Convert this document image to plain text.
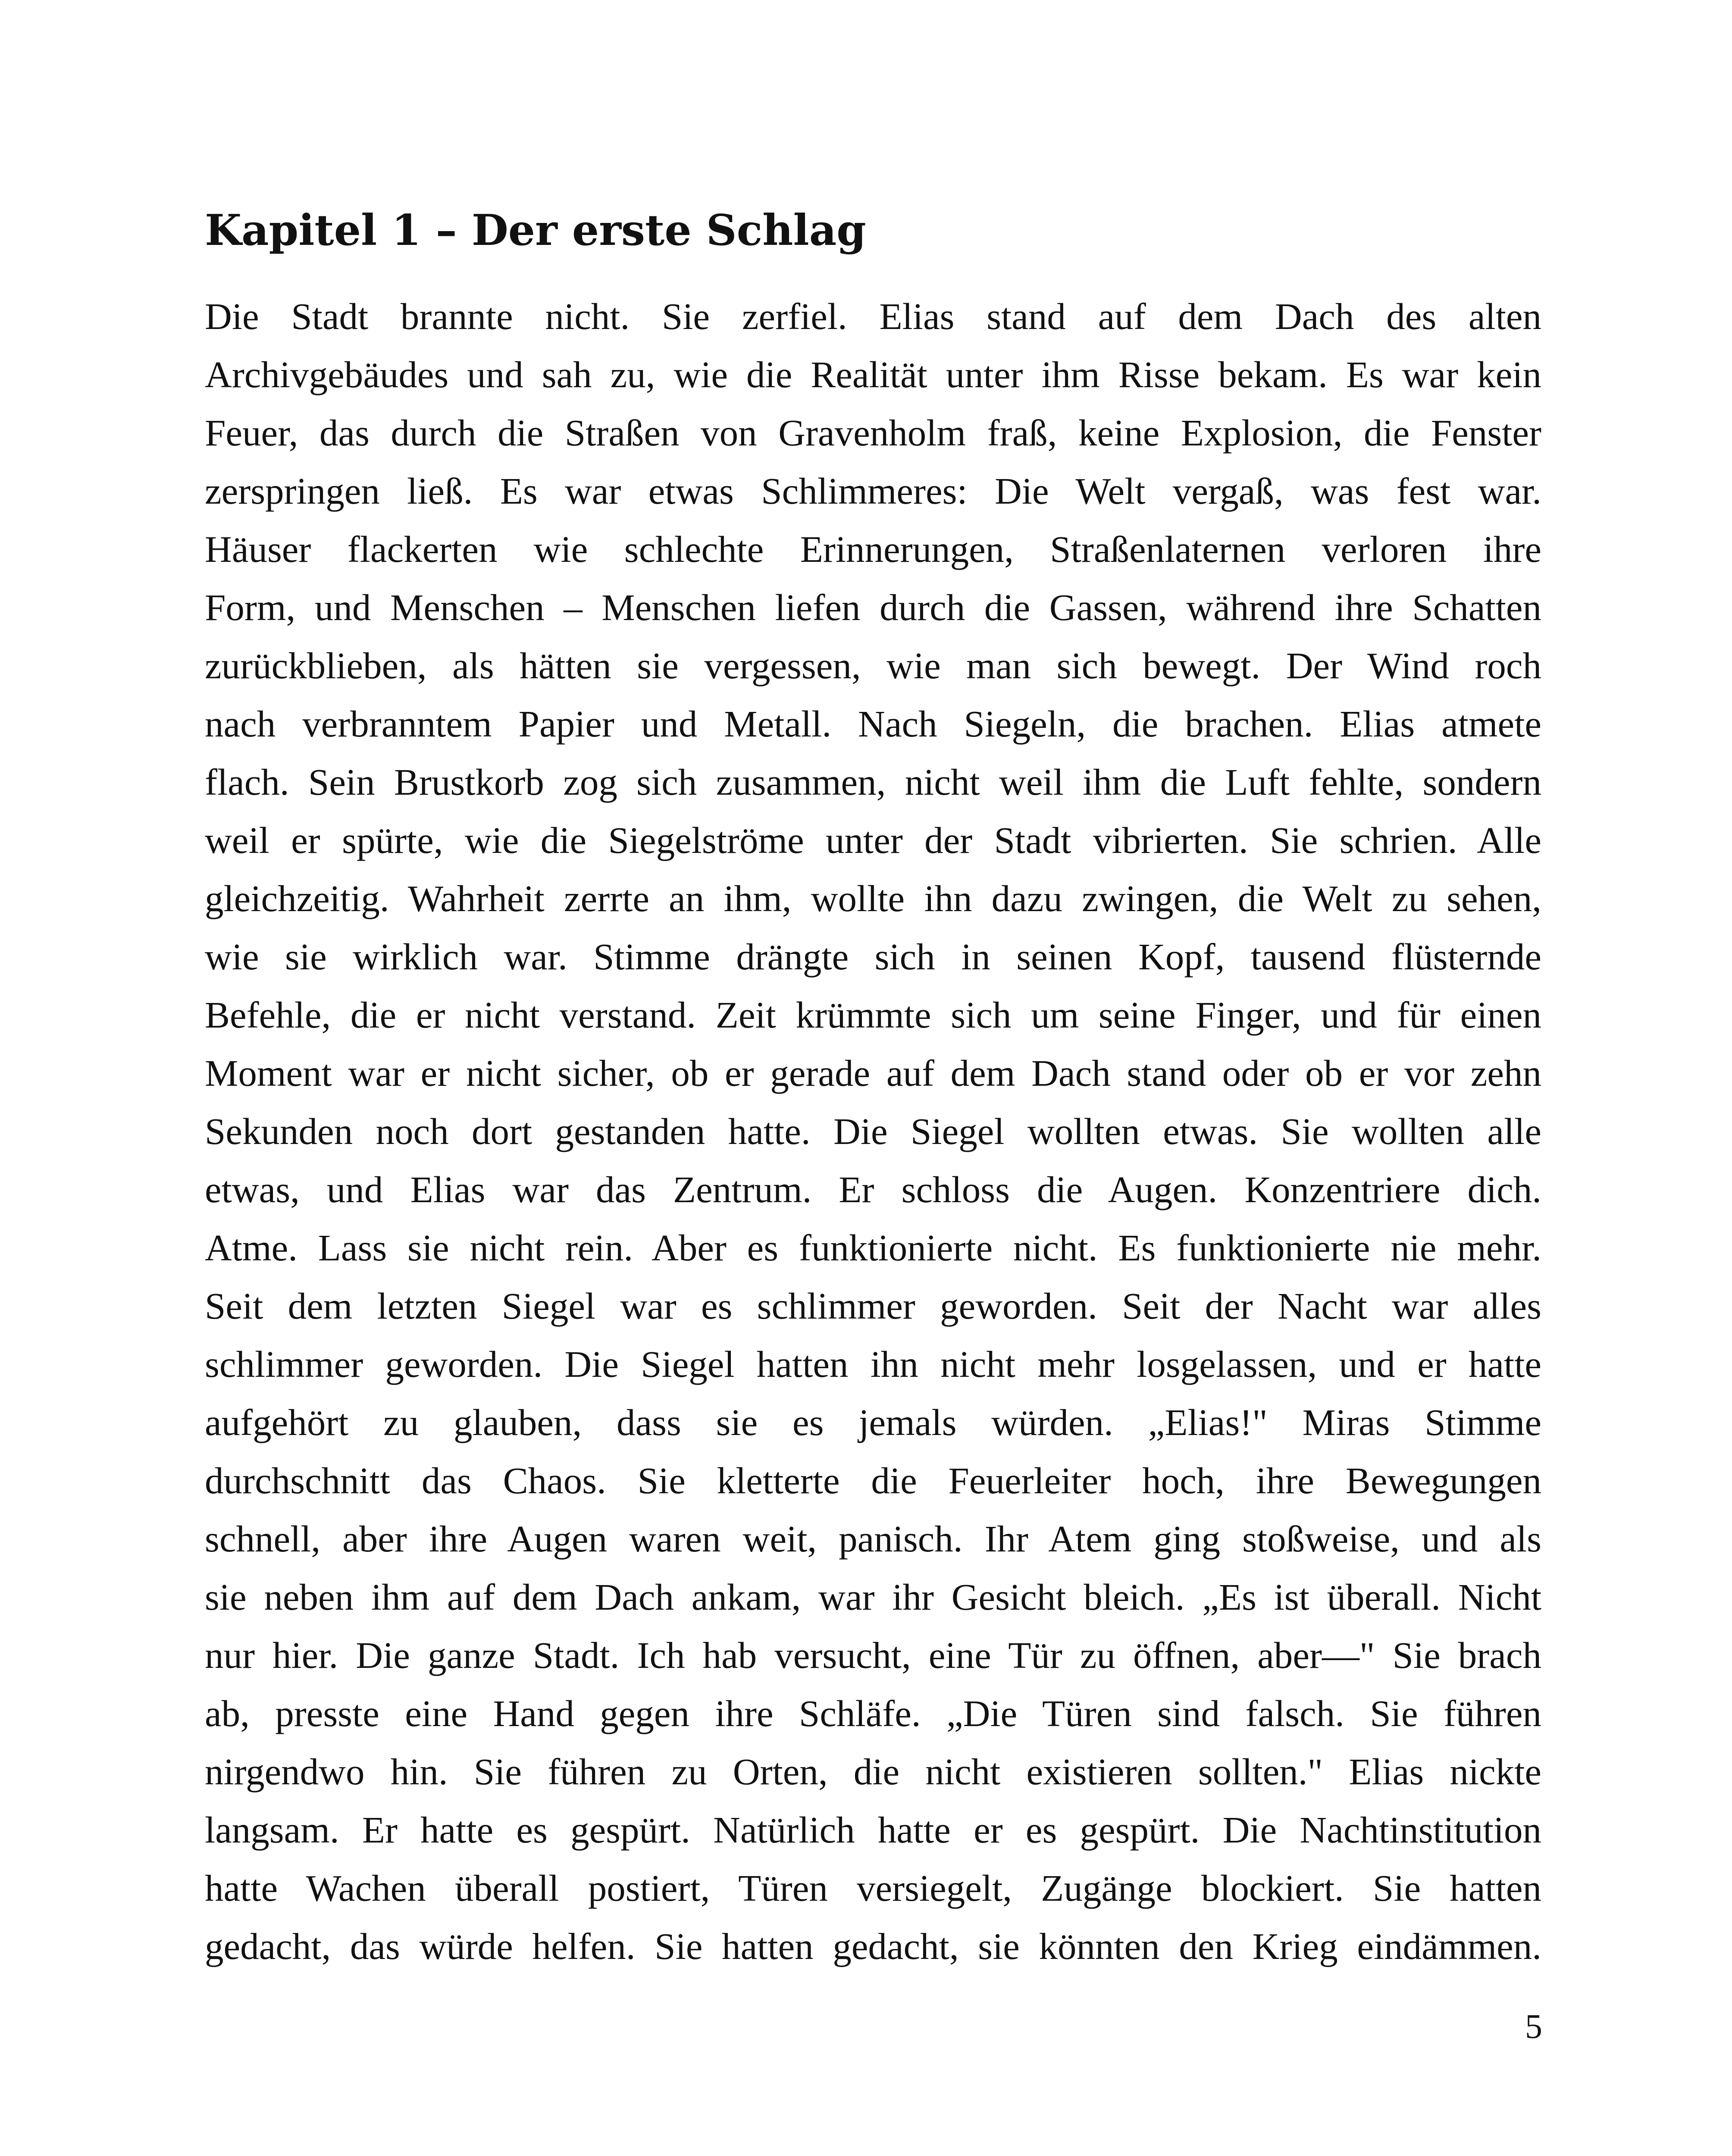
Kapitel 1 – Der erste Schlag
Die Stadt brannte nicht. Sie zerfiel. Elias stand auf dem Dach des alten
Archivgebäudes und sah zu, wie die Realität unter ihm Risse bekam. Es war kein
Feuer, das durch die Straßen von Gravenholm fraß, keine Explosion, die Fenster
zerspringen ließ. Es war etwas Schlimmeres: Die Welt vergaß, was fest war.
Häuser flackerten wie schlechte Erinnerungen, Straßenlaternen verloren ihre
Form, und Menschen – Menschen liefen durch die Gassen, während ihre Schatten
zurückblieben, als hätten sie vergessen, wie man sich bewegt. Der Wind roch
nach verbranntem Papier und Metall. Nach Siegeln, die brachen. Elias atmete
flach. Sein Brustkorb zog sich zusammen, nicht weil ihm die Luft fehlte, sondern
weil er spürte, wie die Siegelströme unter der Stadt vibrierten. Sie schrien. Alle
gleichzeitig. Wahrheit zerrte an ihm, wollte ihn dazu zwingen, die Welt zu sehen,
wie sie wirklich war. Stimme drängte sich in seinen Kopf, tausend flüsternde
Befehle, die er nicht verstand. Zeit krümmte sich um seine Finger, und für einen
Moment war er nicht sicher, ob er gerade auf dem Dach stand oder ob er vor zehn
Sekunden noch dort gestanden hatte. Die Siegel wollten etwas. Sie wollten alle
etwas, und Elias war das Zentrum. Er schloss die Augen. Konzentriere dich.
Atme. Lass sie nicht rein. Aber es funktionierte nicht. Es funktionierte nie mehr.
Seit dem letzten Siegel war es schlimmer geworden. Seit der Nacht war alles
schlimmer geworden. Die Siegel hatten ihn nicht mehr losgelassen, und er hatte
aufgehört zu glauben, dass sie es jemals würden. „Elias!" Miras Stimme
durchschnitt das Chaos. Sie kletterte die Feuerleiter hoch, ihre Bewegungen
schnell, aber ihre Augen waren weit, panisch. Ihr Atem ging stoßweise, und als
sie neben ihm auf dem Dach ankam, war ihr Gesicht bleich. „Es ist überall. Nicht
nur hier. Die ganze Stadt. Ich hab versucht, eine Tür zu öffnen, aber—" Sie brach
ab, presste eine Hand gegen ihre Schläfe. „Die Türen sind falsch. Sie führen
nirgendwo hin. Sie führen zu Orten, die nicht existieren sollten." Elias nickte
langsam. Er hatte es gespürt. Natürlich hatte er es gespürt. Die Nachtinstitution
hatte Wachen überall postiert, Türen versiegelt, Zugänge blockiert. Sie hatten
gedacht, das würde helfen. Sie hatten gedacht, sie könnten den Krieg eindämmen.

5
